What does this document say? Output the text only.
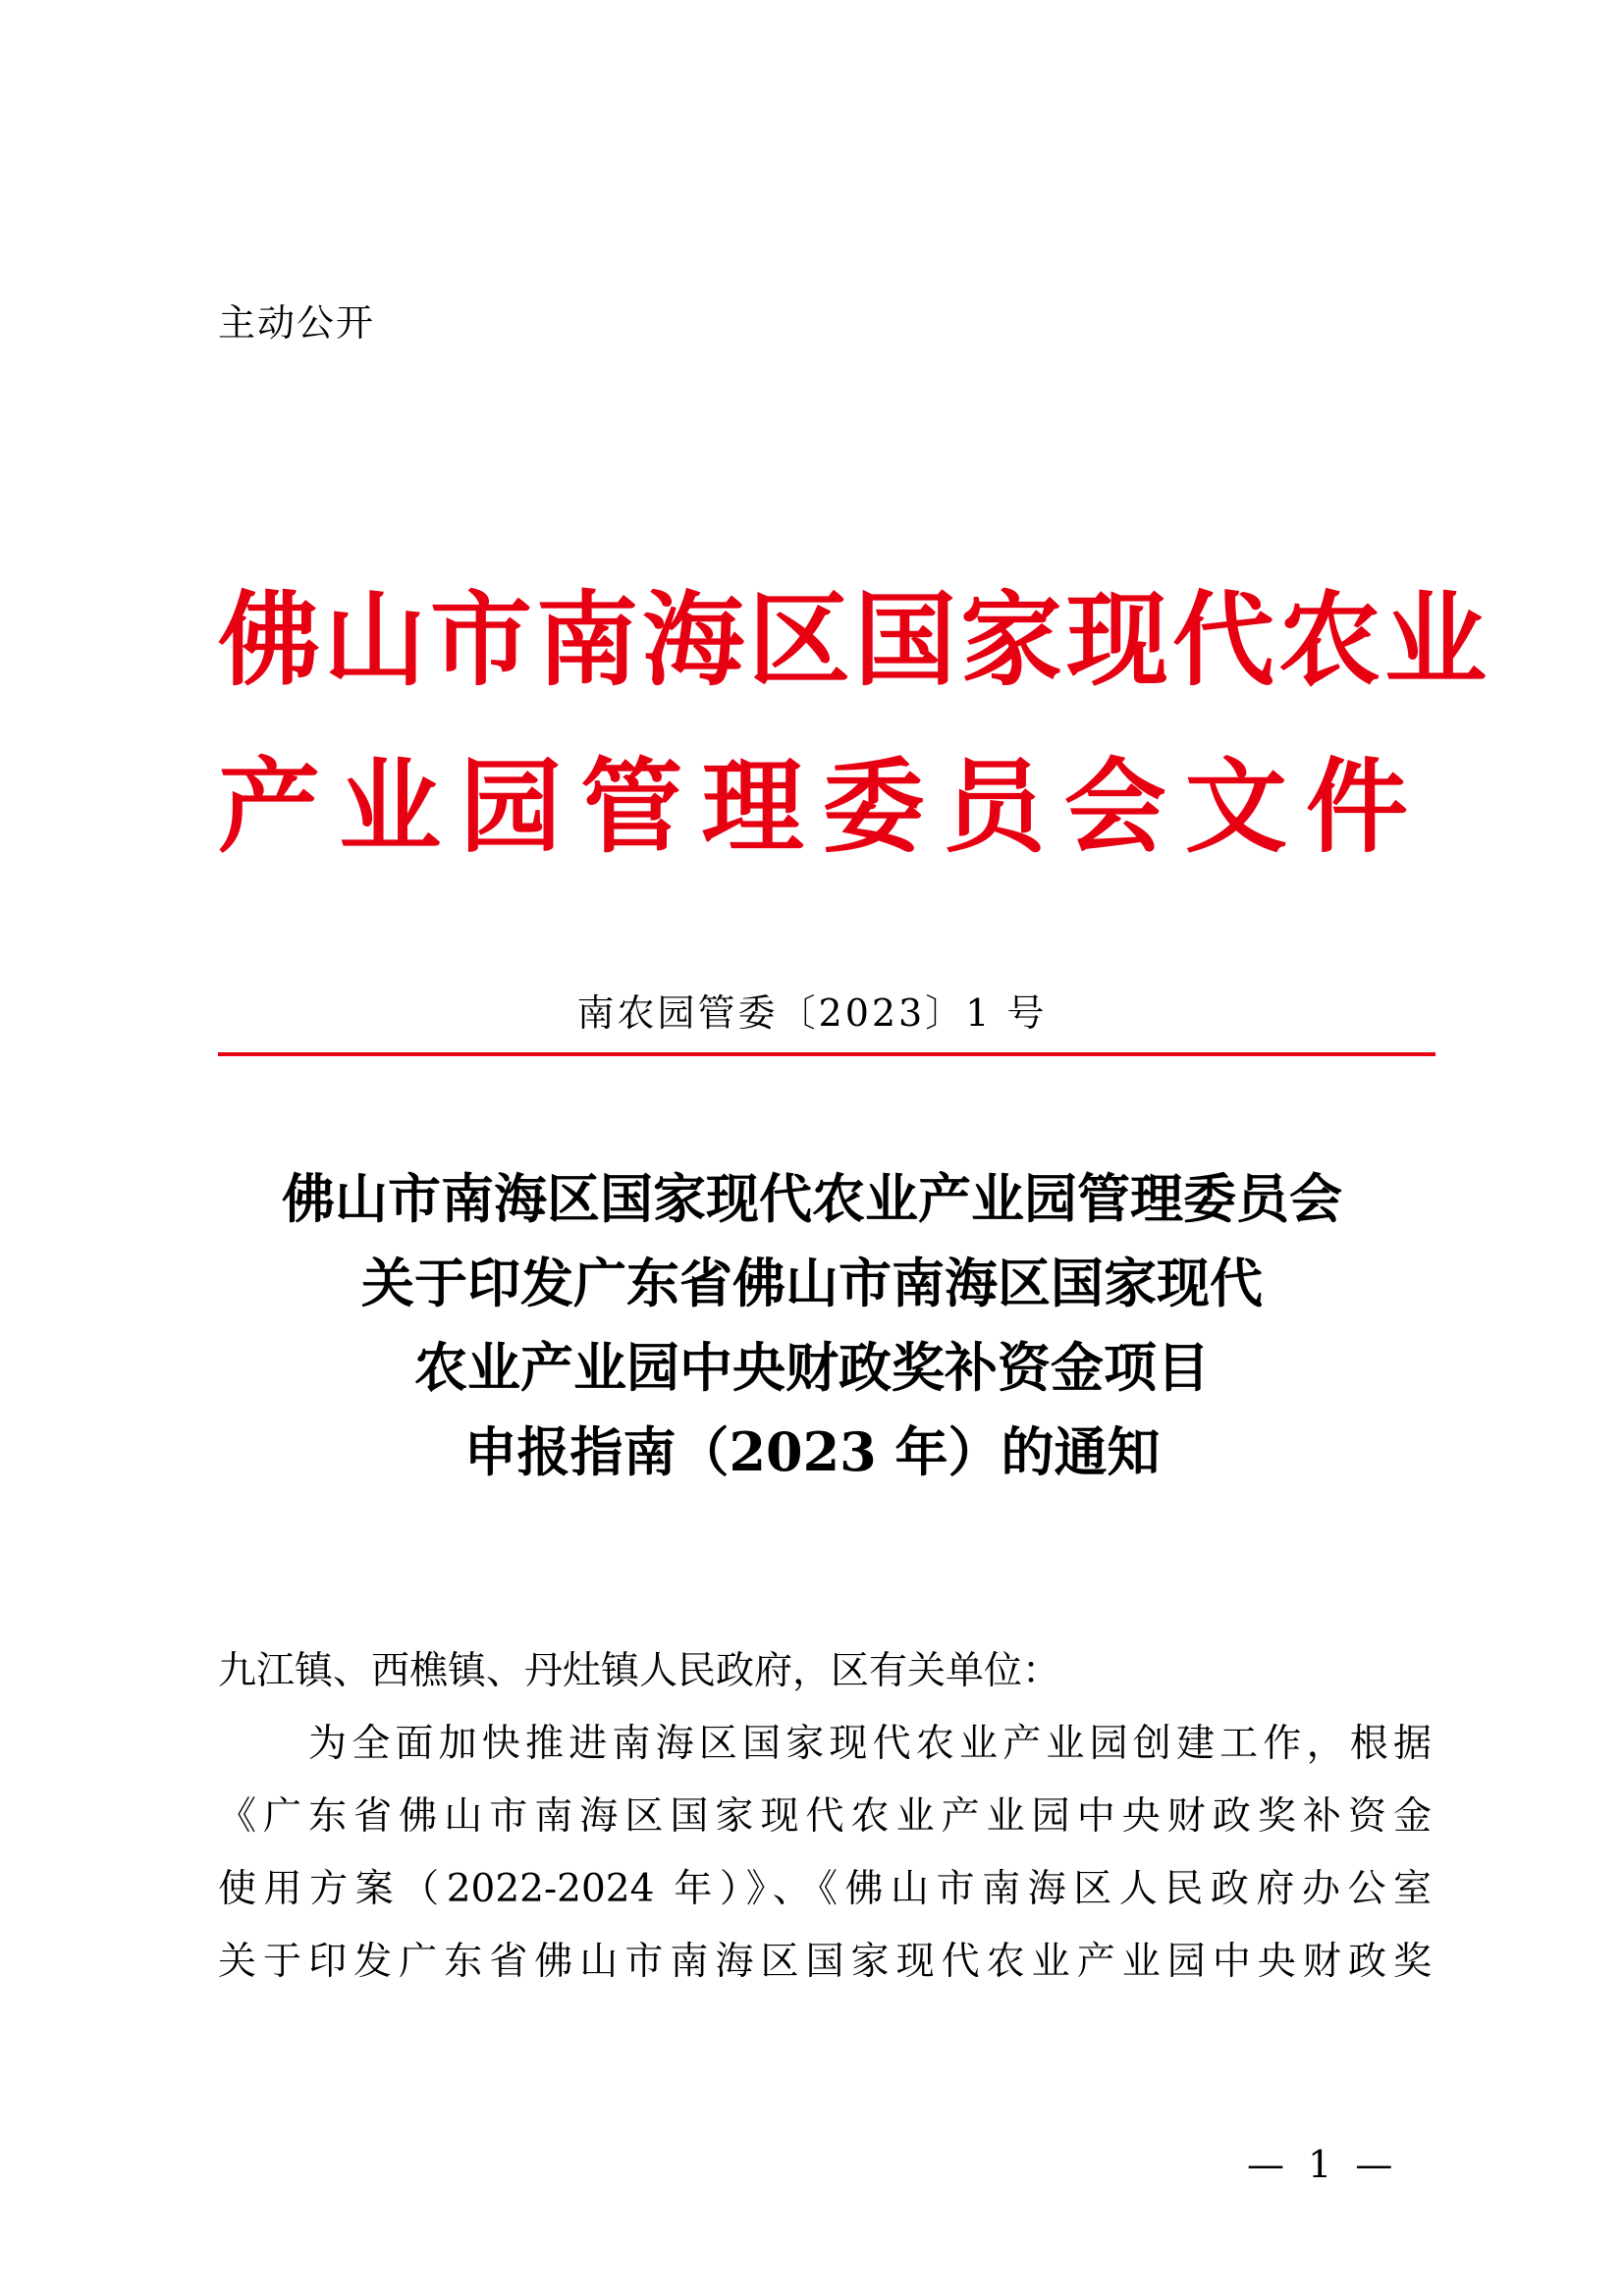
主动公开
佛山市南海区国家现代农业
产业园管理委员会文件
南农园管委〔2023〕1 号
佛山市南海区国家现代农业产业园管理委员会
关于印发广东省佛山市南海区国家现代
农业产业园中央财政奖补资金项目
申报指南（2023 年）的通知
九江镇、西樵镇、丹灶镇人民政府，区有关单位：
为全面加快推进南海区国家现代农业产业园创建工作，根据
《广东省佛山市南海区国家现代农业产业园中央财政奖补资金
使用方案（2022-2024 年）》、《佛山市南海区人民政府办公室
关于印发广东省佛山市南海区国家现代农业产业园中央财政奖
— 1 —
